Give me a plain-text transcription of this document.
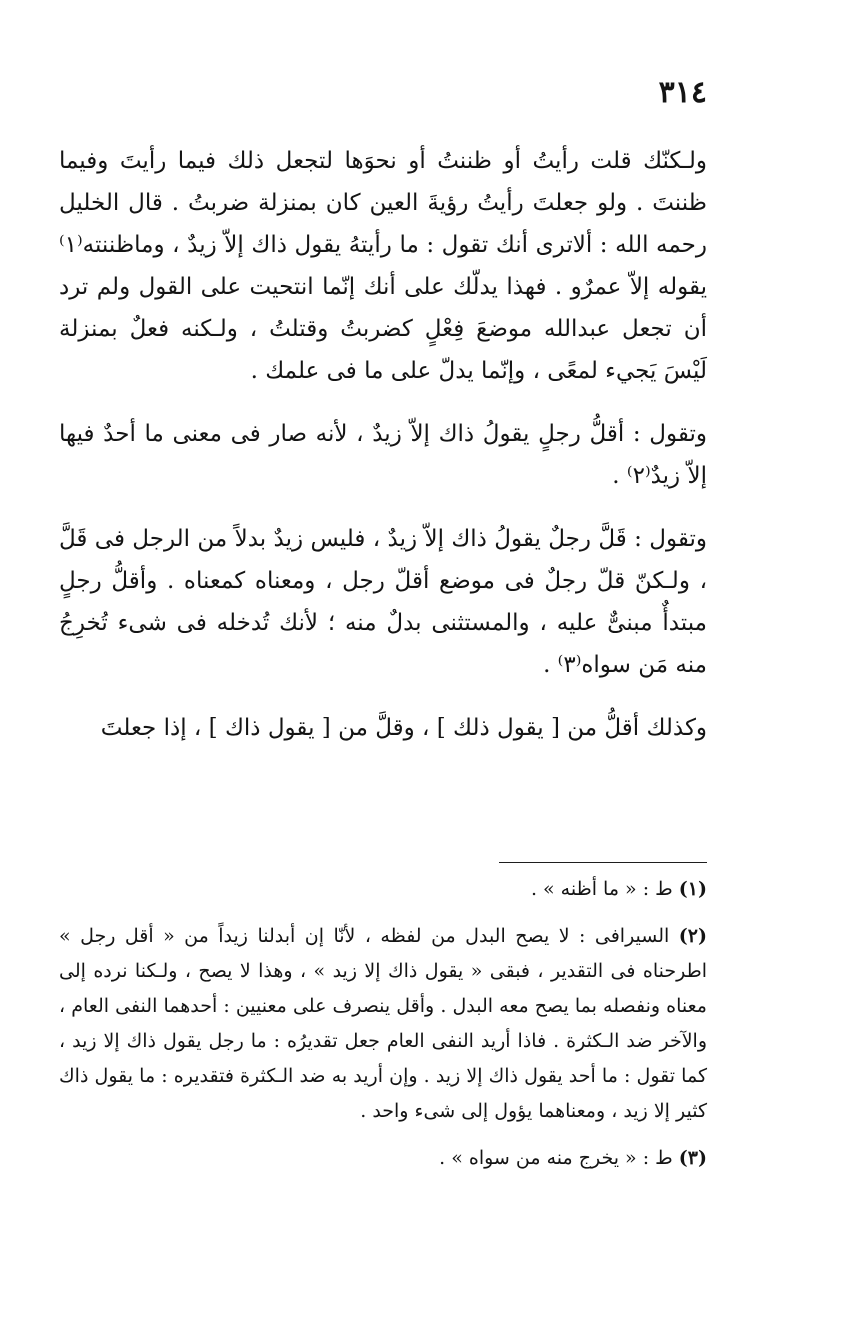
٣١٤

ولـكنّك قلت رأيتُ أو ظننتُ أو نحوَها لتجعل ذلك فيما رأيتَ وفيما ظننتَ . ولو جعلتَ رأيتُ رؤيةَ العين كان بمنزلة ضربتُ . قال الخليل رحمه الله : ألاترى أنك تقول : ما رأيتهُ يقول ذاك إلاّ زيدٌ ، وماظننته⁽١⁾ يقوله إلاّ عمرٌو . فهذا يدلّك على أنك إنّما انتحيت على القول ولم ترد أن تجعل عبدالله موضعَ فِعْلٍ كضربتُ وقتلتُ ، ولـكنه فعلٌ بمنزلة لَيْسَ يَجيء لمعًى ، وإنّما يدلّ على ما فى علمك .

وتقول : أقلُّ رجلٍ يقولُ ذاك إلاّ زيدٌ ، لأنه صار فى معنى ما أحدٌ فيها إلاّ زيدٌ⁽٢⁾ .

وتقول : قَلَّ رجلٌ يقولُ ذاك إلاّ زيدٌ ، فليس زيدٌ بدلاً من الرجل فى قَلَّ ، ولـكنّ قلّ رجلٌ فى موضع أقلّ رجل ، ومعناه كمعناه . وأقلُّ رجلٍ مبتدأٌ مبنىٌّ عليه ، والمستثنى بدلٌ منه ؛ لأنك تُدخله فى شىء تُخرِجُ منه مَن سواه⁽٣⁾ .

وكذلك أقلُّ من [ يقول ذلك ] ، وقلَّ من [ يقول ذاك ] ، إذا جعلتَ

(١) ط : « ما أظنه » .

(٢) السيرافى : لا يصح البدل من لفظه ، لأنّا إن أبدلنا زيداً من « أقل رجل » اطرحناه فى التقدير ، فبقى « يقول ذاك إلا زيد » ، وهذا لا يصح ، ولـكنا نرده إلى معناه ونفصله بما يصح معه البدل . وأقل ينصرف على معنيين : أحدهما النفى العام ، والآخر ضد الـكثرة . فاذا أريد النفى العام جعل تقديرُه : ما رجل يقول ذاك إلا زيد ، كما تقول : ما أحد يقول ذاك إلا زيد . وإن أريد به ضد الـكثرة فتقديره : ما يقول ذاك كثير إلا زيد ، ومعناهما يؤول إلى شىء واحد .

(٣) ط : « يخرج منه من سواه » .
